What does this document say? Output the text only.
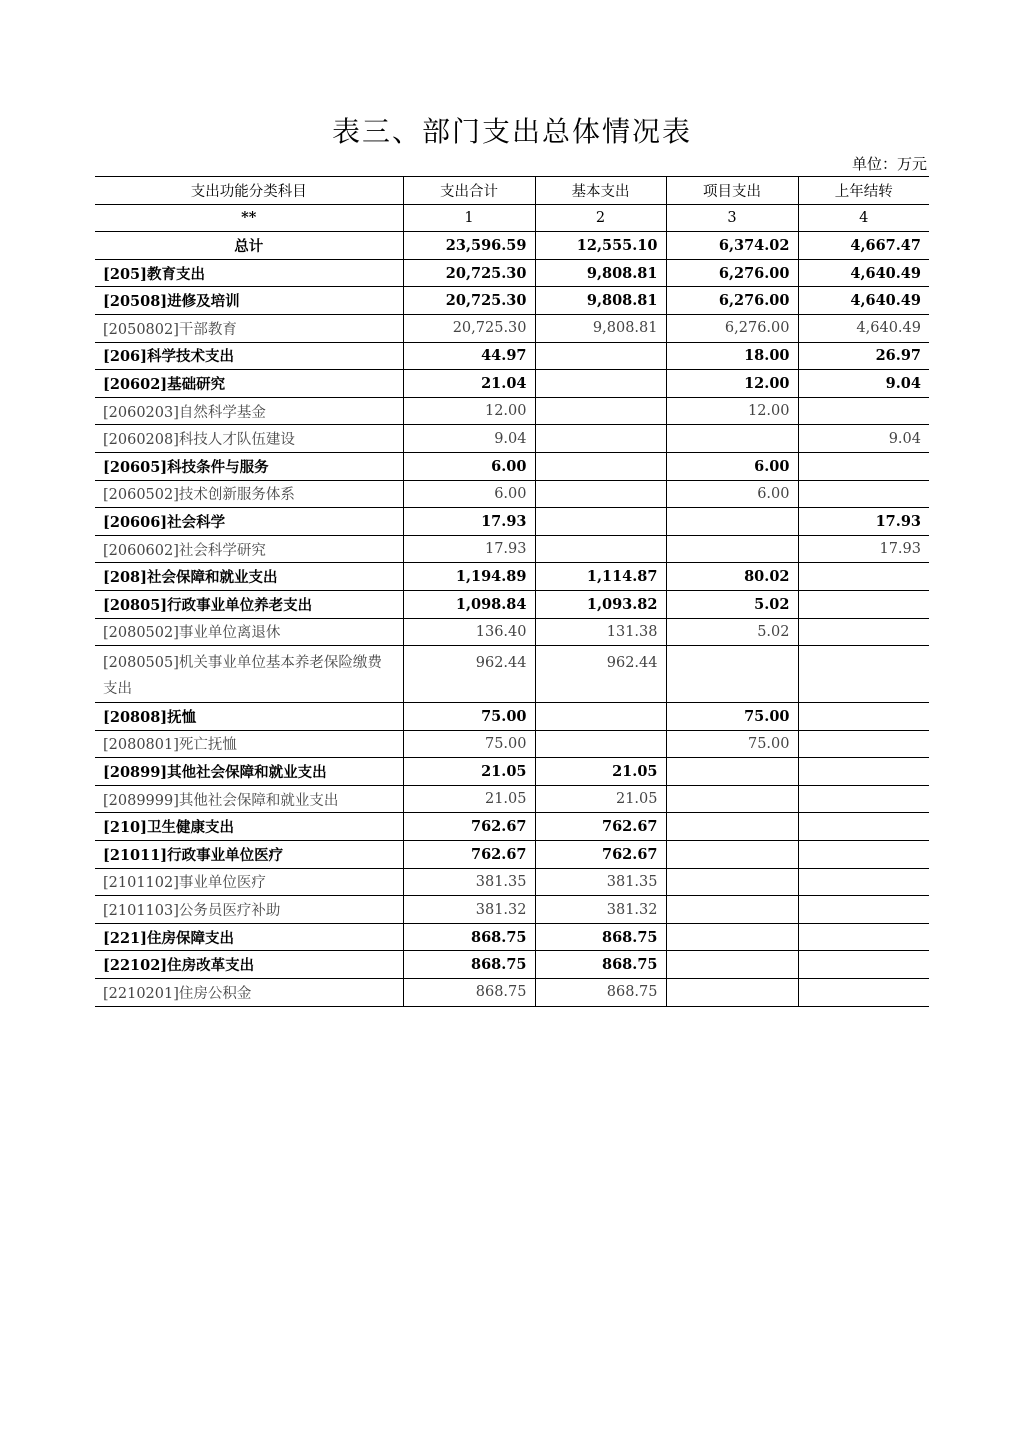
表三、部门支出总体情况表
单位：万元
支出功能分类科目	支出合计	基本支出	项目支出	上年结转
**	1	2	3	4
总计	23,596.59	12,555.10	6,374.02	4,667.47
[205]教育支出	20,725.30	9,808.81	6,276.00	4,640.49
[20508]进修及培训	20,725.30	9,808.81	6,276.00	4,640.49
[2050802]干部教育	20,725.30	9,808.81	6,276.00	4,640.49
[206]科学技术支出	44.97		18.00	26.97
[20602]基础研究	21.04		12.00	9.04
[2060203]自然科学基金	12.00		12.00	
[2060208]科技人才队伍建设	9.04			9.04
[20605]科技条件与服务	6.00		6.00	
[2060502]技术创新服务体系	6.00		6.00	
[20606]社会科学	17.93			17.93
[2060602]社会科学研究	17.93			17.93
[208]社会保障和就业支出	1,194.89	1,114.87	80.02	
[20805]行政事业单位养老支出	1,098.84	1,093.82	5.02	
[2080502]事业单位离退休	136.40	131.38	5.02	
[2080505]机关事业单位基本养老保险缴费支出	962.44	962.44		
[20808]抚恤	75.00		75.00	
[2080801]死亡抚恤	75.00		75.00	
[20899]其他社会保障和就业支出	21.05	21.05		
[2089999]其他社会保障和就业支出	21.05	21.05		
[210]卫生健康支出	762.67	762.67		
[21011]行政事业单位医疗	762.67	762.67		
[2101102]事业单位医疗	381.35	381.35		
[2101103]公务员医疗补助	381.32	381.32		
[221]住房保障支出	868.75	868.75		
[22102]住房改革支出	868.75	868.75		
[2210201]住房公积金	868.75	868.75		
